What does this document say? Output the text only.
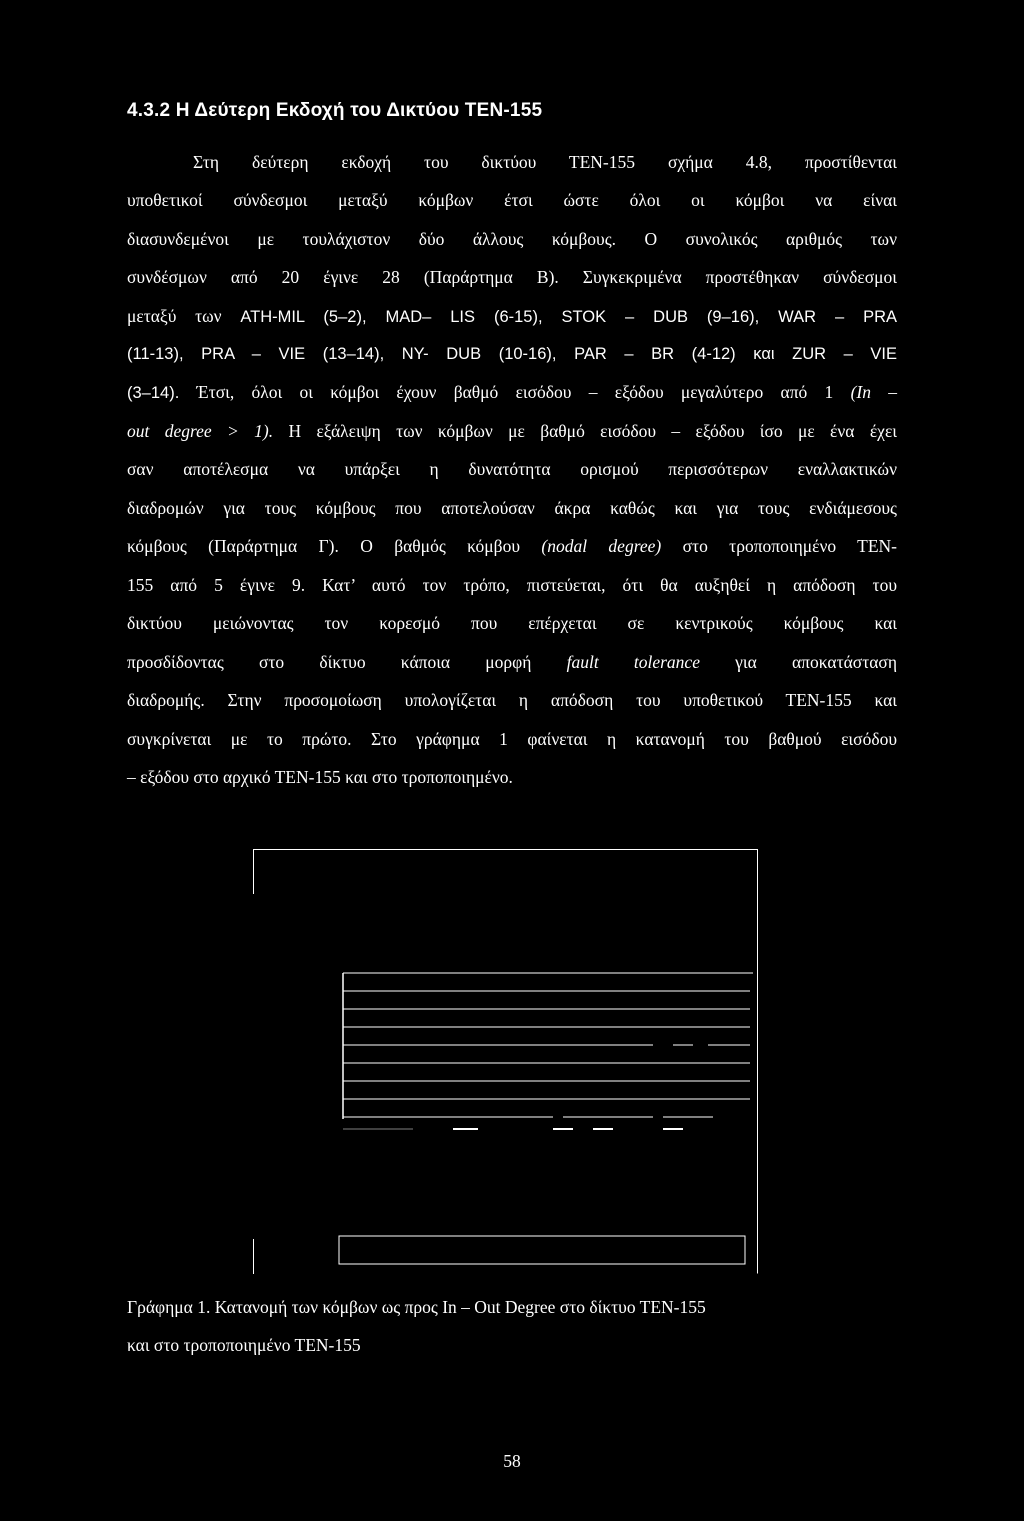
4.3.2 Η Δεύτερη Εκδοχή του Δικτύου ΤΕΝ-155
Στη δεύτερη εκδοχή του δικτύου ΤΕΝ-155 σχήμα 4.8, προστίθενται
υποθετικοί σύνδεσμοι μεταξύ κόμβων έτσι ώστε όλοι οι κόμβοι να είναι
διασυνδεμένοι με τουλάχιστον δύο άλλους κόμβους. Ο συνολικός αριθμός των
συνδέσμων από 20 έγινε 28 (Παράρτημα Β). Συγκεκριμένα προστέθηκαν σύνδεσμοι
μεταξύ των ATH-MIL (5–2), MAD– LIS (6-15), STOK – DUB (9–16), WAR – PRA
(11-13), PRA – VIE (13–14), NY- DUB (10-16), PAR – BR (4-12) και ZUR – VIE
(3–14). Έτσι, όλοι οι κόμβοι έχουν βαθμό εισόδου – εξόδου μεγαλύτερο από 1 (In –
out degree > 1). Η εξάλειψη των κόμβων με βαθμό εισόδου – εξόδου ίσο με ένα έχει
σαν αποτέλεσμα να υπάρξει η δυνατότητα ορισμού περισσότερων εναλλακτικών
διαδρομών για τους κόμβους που αποτελούσαν άκρα καθώς και για τους ενδιάμεσους
κόμβους (Παράρτημα Γ). Ο βαθμός κόμβου (nodal degree) στο τροποποιημένο ΤΕΝ-
155 από 5 έγινε 9. Κατ’ αυτό τον τρόπο, πιστεύεται, ότι θα αυξηθεί η απόδοση του
δικτύου μειώνοντας τον κορεσμό που επέρχεται σε κεντρικούς κόμβους και
προσδίδοντας στο δίκτυο κάποια μορφή fault tolerance για αποκατάσταση
διαδρομής. Στην προσομοίωση υπολογίζεται η απόδοση του υποθετικού ΤΕΝ-155 και
συγκρίνεται με το πρώτο. Στο γράφημα 1 φαίνεται η κατανομή του βαθμού εισόδου
– εξόδου στο αρχικό ΤΕΝ-155 και στο τροποποιημένο.
Γράφημα 1. Κατανομή των κόμβων ως προς In – Out Degree στο δίκτυο ΤΕΝ-155
και στο τροποποιημένο ΤΕΝ-155
58
